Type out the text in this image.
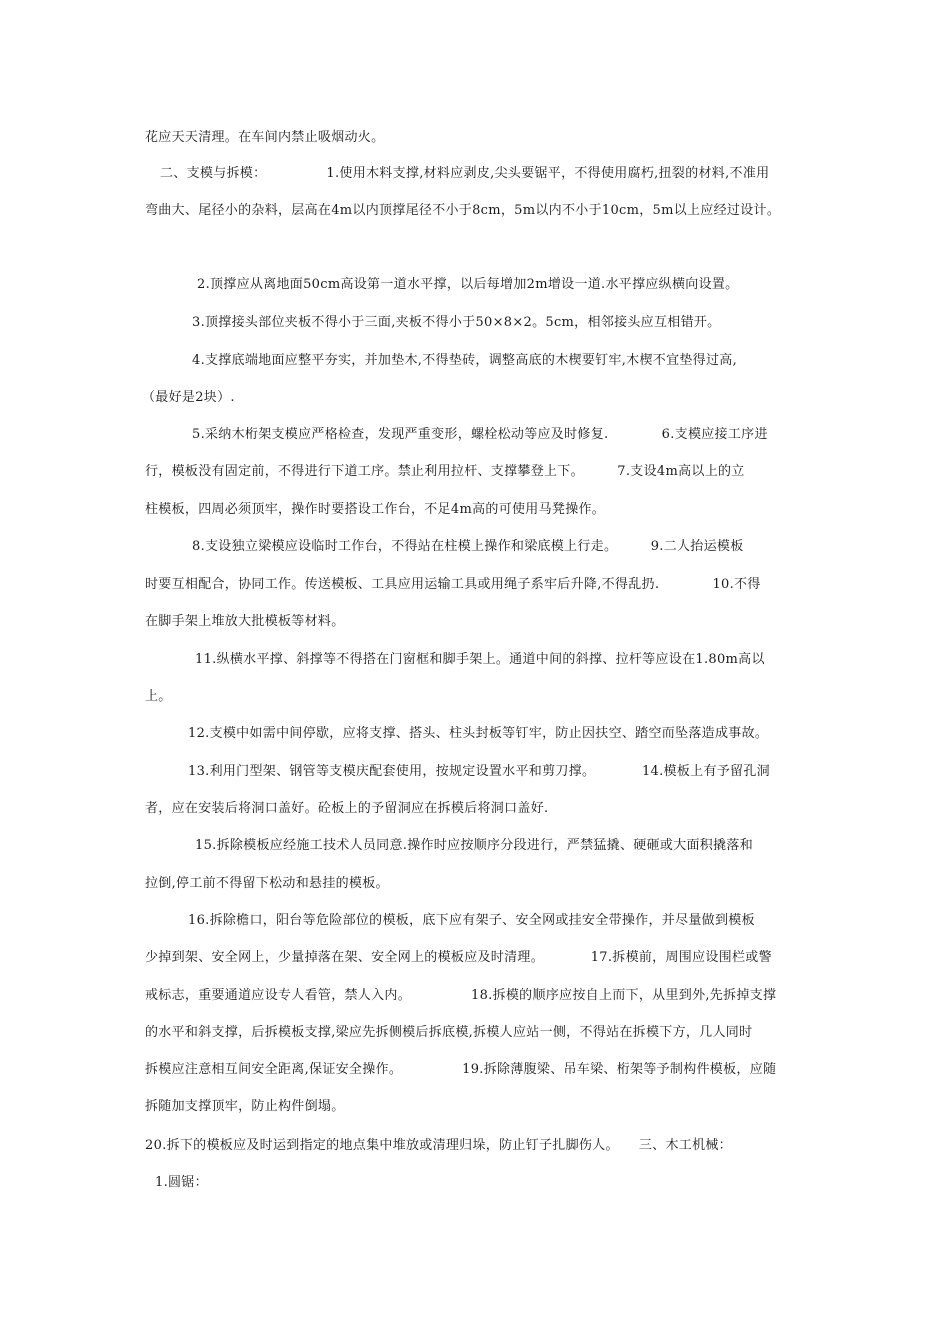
花应天天清理。在车间内禁止吸烟动火。
二、支模与拆模：　　　　　1.使用木料支撑,材料应剥皮,尖头要锯平，不得使用腐朽,扭裂的材料,不准用
弯曲大、尾径小的杂料，层高在4m以内顶撑尾径不小于8cm，5m以内不小于10cm，5m以上应经过设计。
2.顶撑应从离地面50cm高设第一道水平撑，以后每增加2m增设一道.水平撑应纵横向设置。
3.顶撑接头部位夹板不得小于三面,夹板不得小于50×8×2。5cm，相邻接头应互相错开。
4.支撑底端地面应整平夯实，并加垫木,不得垫砖，调整高底的木楔要钉牢,木楔不宜垫得过高,
（最好是2块）.
5.采纳木桁架支模应严格检查，发现严重变形，螺栓松动等应及时修复.　　　　6.支模应接工序进
行，模板没有固定前，不得进行下道工序。禁止利用拉杆、支撑攀登上下。　　　7.支设4m高以上的立
柱模板，四周必须顶牢，操作时要搭设工作台，不足4m高的可使用马凳操作。
8.支设独立梁模应设临时工作台，不得站在柱模上操作和梁底模上行走。　　　9.二人抬运模板
时要互相配合，协同工作。传送模板、工具应用运输工具或用绳子系牢后升降,不得乱扔.　　　　10.不得
在脚手架上堆放大批模板等材料。
11.纵横水平撑、斜撑等不得搭在门窗框和脚手架上。通道中间的斜撑、拉杆等应设在1.80m高以
上。
12.支模中如需中间停歇，应将支撑、搭头、柱头封板等钉牢，防止因扶空、踏空而坠落造成事故。
13.利用门型架、钢管等支模庆配套使用，按规定设置水平和剪刀撑。　　　　14.模板上有予留孔洞
者，应在安装后将洞口盖好。砼板上的予留洞应在拆模后将洞口盖好.
15.拆除模板应经施工技术人员同意.操作时应按顺序分段进行，严禁猛撬、硬砸或大面积撬落和
拉倒,停工前不得留下松动和悬挂的模板。
16.拆除檐口，阳台等危险部位的模板，底下应有架子、安全网或挂安全带操作，并尽量做到模板
少掉到架、安全网上，少量掉落在架、安全网上的模板应及时清理。　　　　17.拆模前，周围应设围栏或警
戒标志，重要通道应设专人看管，禁人入内。　　　　　18.拆模的顺序应按自上而下，从里到外,先拆掉支撑
的水平和斜支撑，后拆模板支撑,梁应先拆侧模后拆底模,拆模人应站一侧，不得站在拆模下方，几人同时
拆模应注意相互间安全距离,保证安全操作。　　　　　19.拆除薄腹梁、吊车梁、桁架等予制构件模板，应随
拆随加支撑顶牢，防止构件倒塌。
20.拆下的模板应及时运到指定的地点集中堆放或清理归垛，防止钉子扎脚伤人。　　三、木工机械：
1.圆锯：
